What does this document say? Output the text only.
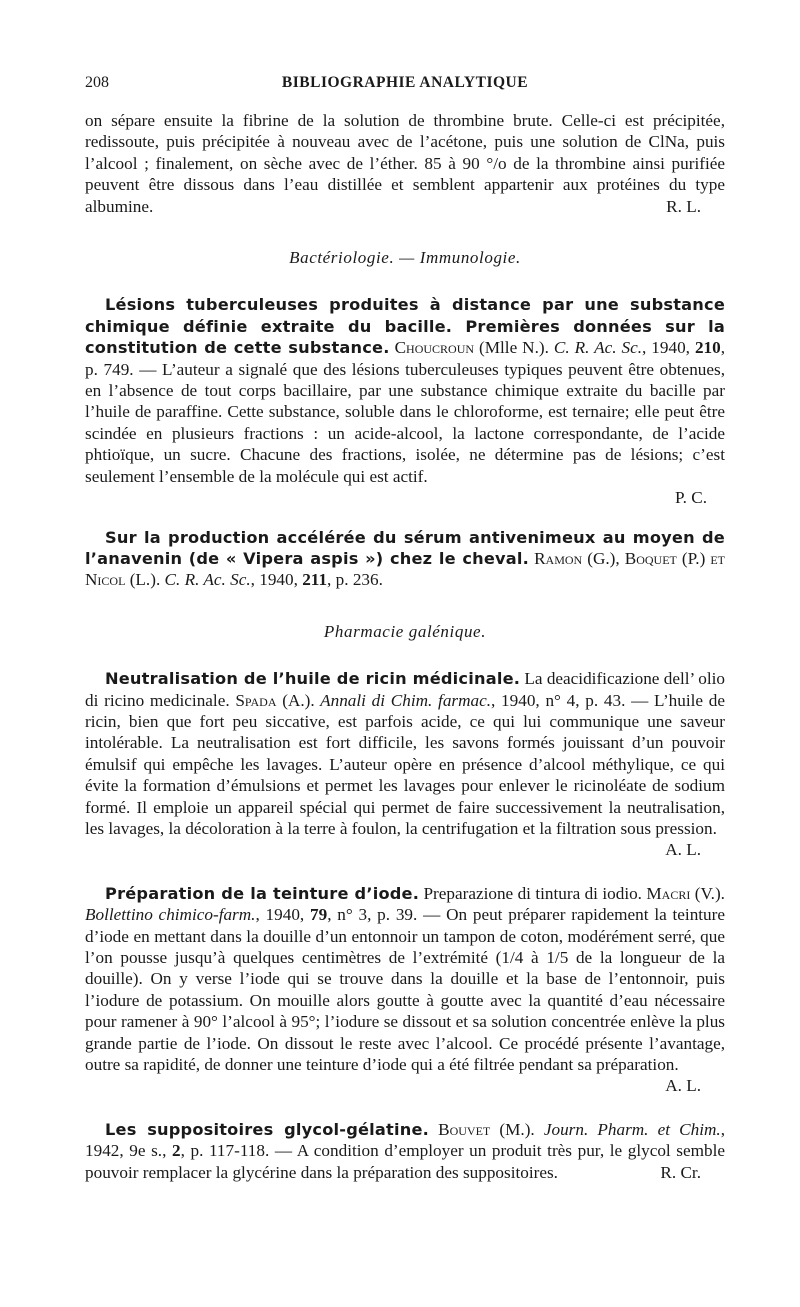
208	BIBLIOGRAPHIE ANALYTIQUE

on sépare ensuite la fibrine de la solution de thrombine brute. Celle-ci est précipitée, redissoute, puis précipitée à nouveau avec de l’acétone, puis une solution de ClNa, puis l’alcool ; finalement, on sèche avec de l’éther. 85 à 90 °/o de la thrombine ainsi purifiée peuvent être dissous dans l’eau distillée et semblent appartenir aux protéines du type albumine.	R. L.

Bactériologie. — Immunologie.

Lésions tuberculeuses produites à distance par une substance chimique définie extraite du bacille. Premières données sur la constitution de cette substance. Choucroun (Mlle N.). C. R. Ac. Sc., 1940, 210, p. 749. — L’auteur a signalé que des lésions tuberculeuses typiques peuvent être obtenues, en l’absence de tout corps bacillaire, par une substance chimique extraite du bacille par l’huile de paraffine. Cette substance, soluble dans le chloroforme, est ternaire; elle peut être scindée en plusieurs fractions : un acide-alcool, la lactone correspondante, de l’acide phtioïque, un sucre. Chacune des fractions, isolée, ne détermine pas de lésions; c’est seulement l’ensemble de la molécule qui est actif.

P. C.

Sur la production accélérée du sérum antivenimeux au moyen de l’anavenin (de « Vipera aspis ») chez le cheval. Ramon (G.), Boquet (P.) et Nicol (L.). C. R. Ac. Sc., 1940, 211, p. 236.

Pharmacie galénique.

Neutralisation de l’huile de ricin médicinale. La deacidificazione dell’ olio di ricino medicinale. Spada (A.). Annali di Chim. farmac., 1940, n° 4, p. 43. — L’huile de ricin, bien que fort peu siccative, est parfois acide, ce qui lui communique une saveur intolérable. La neutralisation est fort difficile, les savons formés jouissant d’un pouvoir émulsif qui empêche les lavages. L’auteur opère en présence d’alcool méthylique, ce qui évite la formation d’émulsions et permet les lavages pour enlever le ricinoléate de sodium formé. Il emploie un appareil spécial qui permet de faire successivement la neutralisation, les lavages, la décoloration à la terre à foulon, la centrifugation et la filtration sous pression.
A. L.

Préparation de la teinture d’iode. Preparazione di tintura di iodio. Macri (V.). Bollettino chimico-farm., 1940, 79, n° 3, p. 39. — On peut préparer rapidement la teinture d’iode en mettant dans la douille d’un entonnoir un tampon de coton, modérément serré, que l’on pousse jusqu’à quelques centimètres de l’extrémité (1/4 à 1/5 de la longueur de la douille). On y verse l’iode qui se trouve dans la douille et la base de l’entonnoir, puis l’iodure de potassium. On mouille alors goutte à goutte avec la quantité d’eau nécessaire pour ramener à 90° l’alcool à 95°; l’iodure se dissout et sa solution concentrée enlève la plus grande partie de l’iode. On dissout le reste avec l’alcool. Ce procédé présente l’avantage, outre sa rapidité, de donner une teinture d’iode qui a été filtrée pendant sa préparation.
A. L.

Les suppositoires glycol-gélatine. Bouvet (M.). Journ. Pharm. et Chim., 1942, 9e s., 2, p. 117-118. — A condition d’employer un produit très pur, le glycol semble pouvoir remplacer la glycérine dans la préparation des suppositoires.	R. Cr.
